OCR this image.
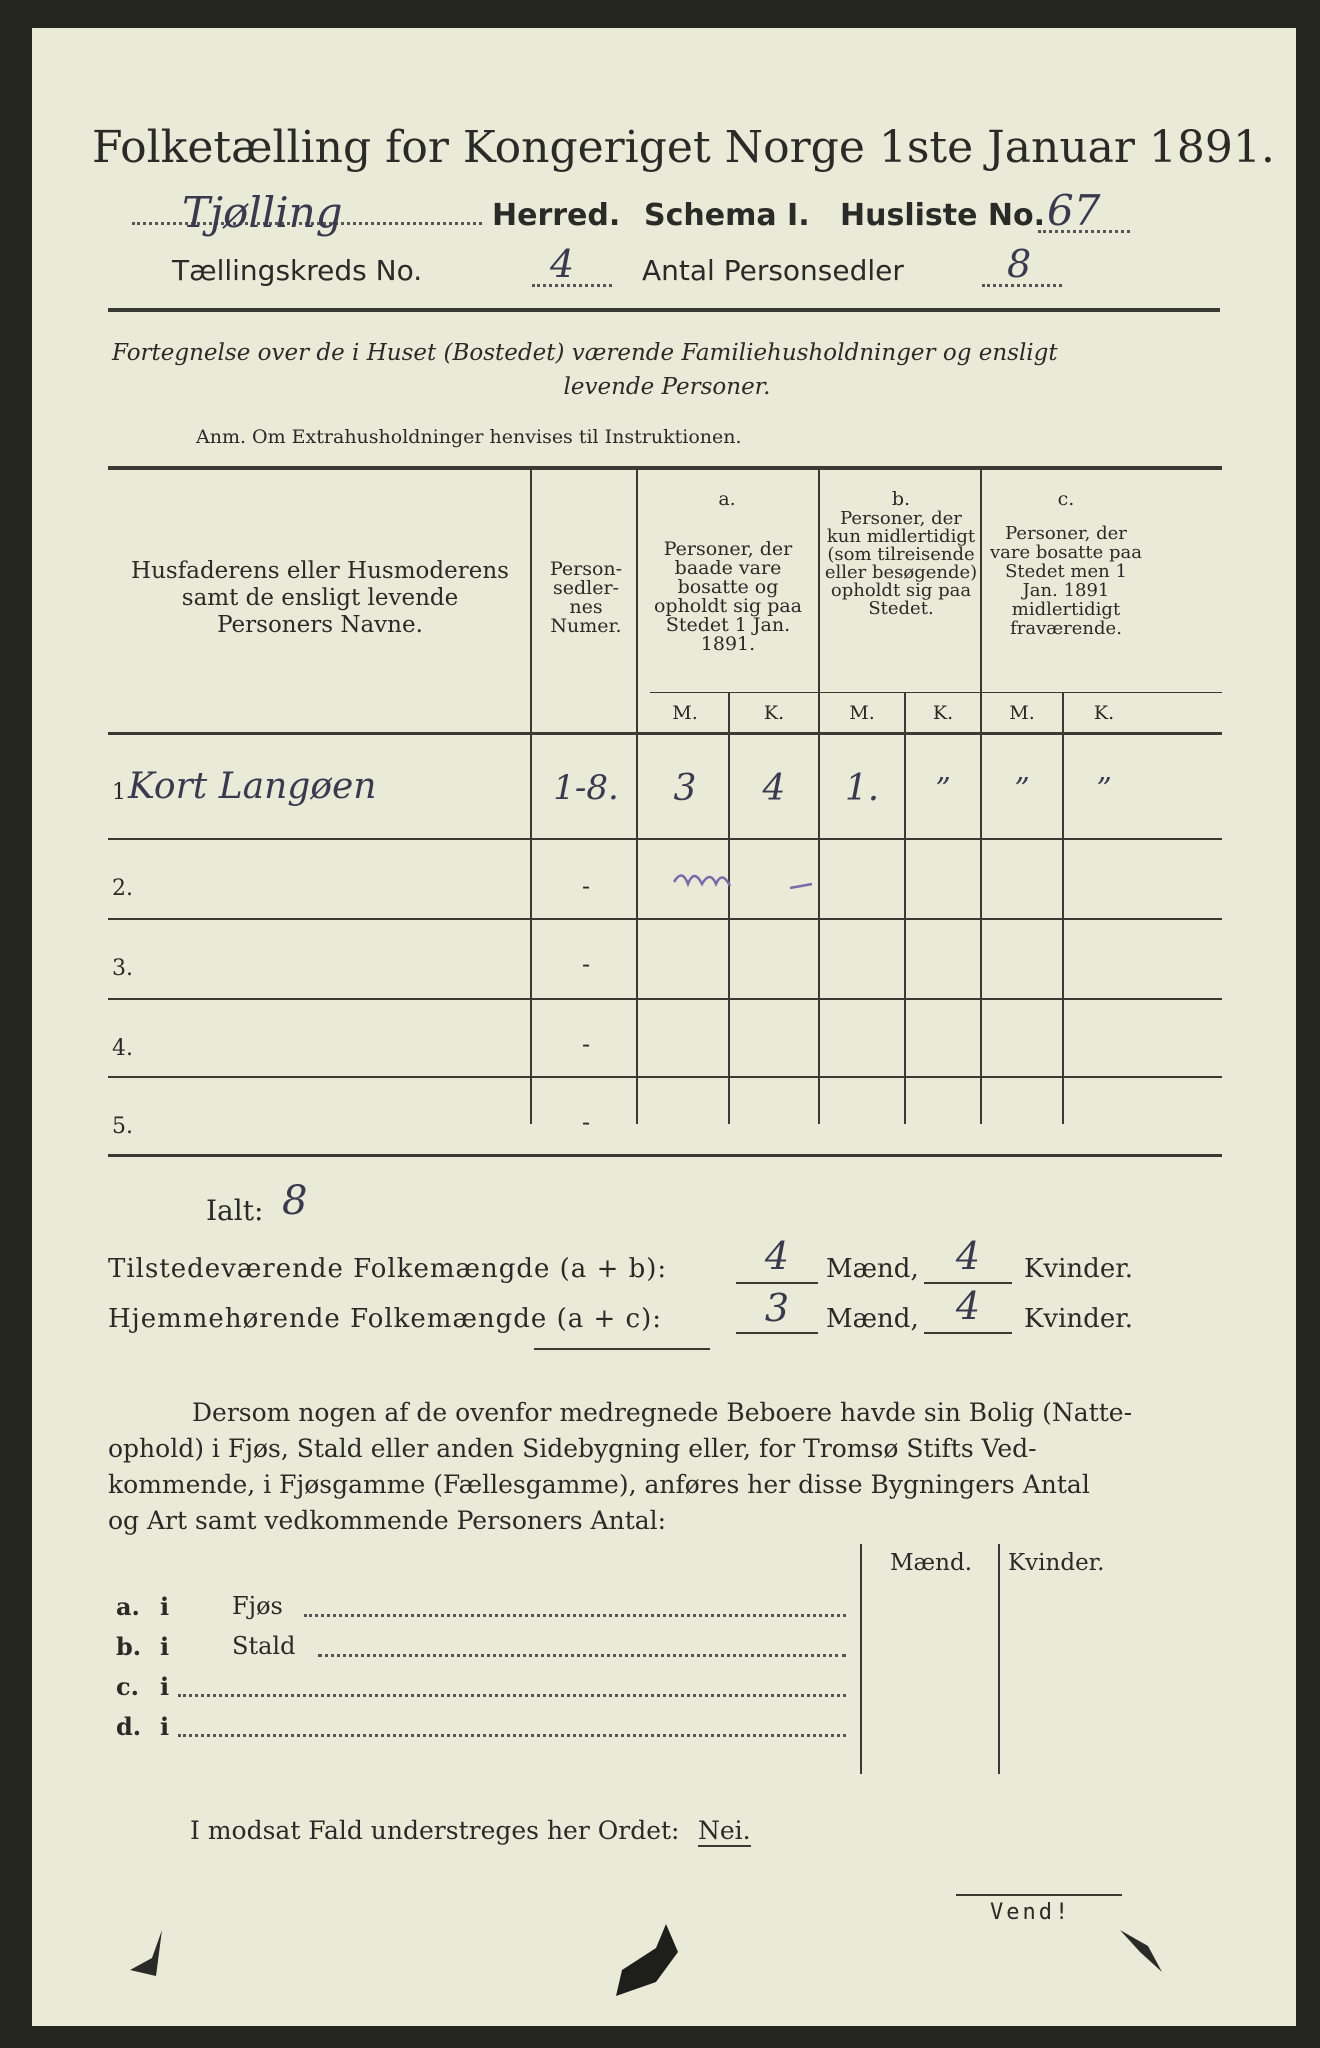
Folketælling for Kongeriget Norge 1ste Januar 1891.
Tjølling	Herred. Schema I. Husliste No. 67
Tællingskreds No.	4 Antal Personsedler	8
Fortegnelse over de i Huset (Bostedet) værende Familiehusholdninger og ensligt
levende Personer.
Anm. Om Extrahusholdninger henvises til Instruktionen.
Husfaderens eller Husmoderens samt de ensligt levende Personers Navne.
Person-sedler-nes Numer.
a.
Personer, der baade vare bosatte og opholdt sig paa Stedet 1 Jan. 1891.
b.
Personer, der kun midlertidigt (som tilreisende eller besøgende) opholdt sig paa Stedet.
c.
Personer, der vare bosatte paa Stedet men 1 Jan. 1891 midlertidigt fraværende.
M.	K.	M.	K.	M.	K.
1 Kort Langøen	1-8.	3	4	1.	”	”	”
2.	-
3.	-
4.	-
5.	-
Ialt: 8
Tilstedeværende Folkemængde (a + b):	4	Mænd, 4	Kvinder.
Hjemmehørende Folkemængde (a + c):	3	Mænd, 4	Kvinder.
Dersom nogen af de ovenfor medregnede Beboere havde sin Bolig (Natte-
ophold) i Fjøs, Stald eller anden Sidebygning eller, for Tromsø Stifts Ved-
kommende, i Fjøsgamme (Fællesgamme), anføres her disse Bygningers Antal
og Art samt vedkommende Personers Antal:
Mænd. Kvinder.
a. i	Fjøs
b. i	Stald
c. i
d. i
I modsat Fald understreges her Ordet: Nei.
Vend!
